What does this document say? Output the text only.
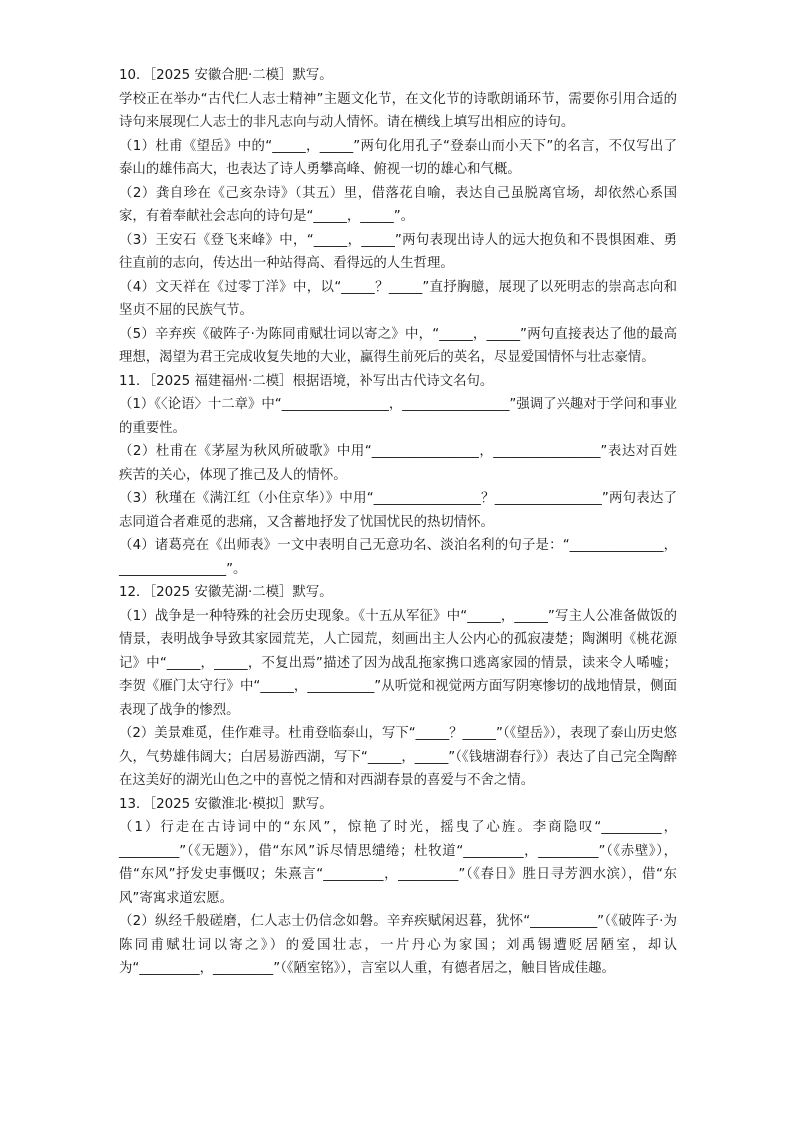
10．［2025 安徽合肥·二模］默写。

学校正在举办“古代仁人志士精神”主题文化节，在文化节的诗歌朗诵环节，需要你引用合适的诗句来展现仁人志士的非凡志向与动人情怀。请在横线上填写出相应的诗句。

（1）杜甫《望岳》中的“_____，_____”两句化用孔子“登泰山而小天下”的名言，不仅写出了泰山的雄伟高大，也表达了诗人勇攀高峰、俯视一切的雄心和气概。

（2）龚自珍在《己亥杂诗》（其五）里，借落花自喻，表达自己虽脱离官场，却依然心系国家，有着奉献社会志向的诗句是“_____，_____”。

（3）王安石《登飞来峰》中，“_____，_____”两句表现出诗人的远大抱负和不畏惧困难、勇往直前的志向，传达出一种站得高、看得远的人生哲理。

（4）文天祥在《过零丁洋》中，以“_____？_____”直抒胸臆，展现了以死明志的崇高志向和坚贞不屈的民族气节。

（5）辛弃疾《破阵子·为陈同甫赋壮词以寄之》中，“_____，_____”两句直接表达了他的最高理想，渴望为君王完成收复失地的大业，赢得生前死后的英名，尽显爱国情怀与壮志豪情。

11．［2025 福建福州·二模］根据语境，补写出古代诗文名句。

（1）《〈论语〉十二章》中“________________，________________”强调了兴趣对于学问和事业的重要性。

（2）杜甫在《茅屋为秋风所破歌》中用“________________，________________”表达对百姓疾苦的关心，体现了推己及人的情怀。

（3）秋瑾在《满江红（小住京华）》中用“________________？________________”两句表达了志同道合者难觅的悲痛，又含蓄地抒发了忧国忧民的热切情怀。

（4）诸葛亮在《出师表》一文中表明自己无意功名、淡泊名利的句子是：“______________，________________”。

12．［2025 安徽芜湖·二模］默写。

（1）战争是一种特殊的社会历史现象。《十五从军征》中“_____，_____”写主人公准备做饭的情景，表明战争导致其家园荒芜，人亡园荒，刻画出主人公内心的孤寂凄楚；陶渊明《桃花源记》中“_____，_____，不复出焉”描述了因为战乱拖家携口逃离家园的情景，读来令人唏嘘；李贺《雁门太守行》中“_____，__________”从听觉和视觉两方面写阴寒惨切的战地情景，侧面表现了战争的惨烈。

（2）美景难觅，佳作难寻。杜甫登临泰山，写下“_____？_____”（《望岳》），表现了泰山历史悠久，气势雄伟阔大；白居易游西湖，写下“_____，_____”（《钱塘湖春行》）表达了自己完全陶醉在这美好的湖光山色之中的喜悦之情和对西湖春景的喜爱与不舍之情。

13．［2025 安徽淮北·模拟］默写。

（1）行走在古诗词中的“东风”，惊艳了时光，摇曳了心旌。李商隐叹“_________，_________”（《无题》），借“东风”诉尽情思缱绻；杜牧道“_________，_________”（《赤壁》），借“东风”抒发史事慨叹；朱熹言“_________，_________”（《春日》胜日寻芳泗水滨），借“东风”寄寓求道宏愿。

（2）纵经千般磋磨，仁人志士仍信念如磐。辛弃疾赋闲迟暮，犹怀“__________”（《破阵子·为陈同甫赋壮词以寄之》）的爱国壮志，一片丹心为家国；刘禹锡遭贬居陋室，却认为“_________，_________”（《陋室铭》），言室以人重，有德者居之，触目皆成佳趣。
